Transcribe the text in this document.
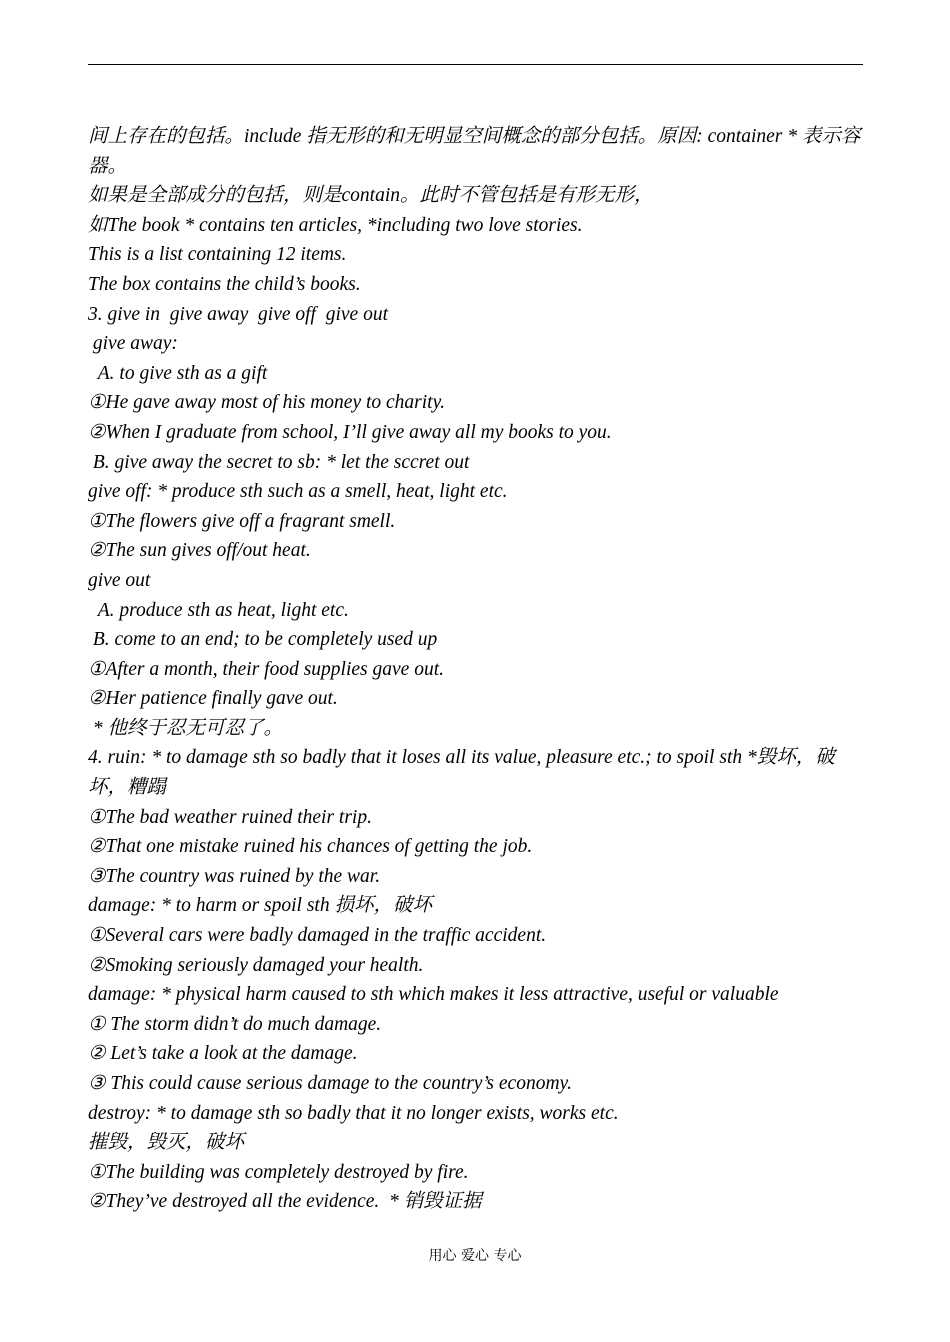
间上存在的包括。include 指无形的和无明显空间概念的部分包括。原因: container * 表示容器。
如果是全部成分的包括，则是contain。此时不管包括是有形无形，
如The book * contains ten articles, *including two love stories.
This is a list containing 12 items.
The box contains the child’s books.
3. give in  give away  give off  give out
give away:
A. to give sth as a gift
①He gave away most of his money to charity.
②When I graduate from school, I’ll give away all my books to you.
B. give away the secret to sb: * let the sccret out
give off: * produce sth such as a smell, heat, light etc.
①The flowers give off a fragrant smell.
②The sun gives off/out heat.
give out
A. produce sth as heat, light etc.
B. come to an end; to be completely used up
①After a month, their food supplies gave out.
②Her patience finally gave out.
* 他终于忍无可忍了。
4. ruin: * to damage sth so badly that it loses all its value, pleasure etc.; to spoil sth *毁坏，破坏，糟蹋
①The bad weather ruined their trip.
②That one mistake ruined his chances of getting the job.
③The country was ruined by the war.
damage: * to harm or spoil sth 损坏，破坏
①Several cars were badly damaged in the traffic accident.
②Smoking seriously damaged your health.
damage: * physical harm caused to sth which makes it less attractive, useful or valuable
① The storm didn’t do much damage.
② Let’s take a look at the damage.
③ This could cause serious damage to the country’s economy.
destroy: * to damage sth so badly that it no longer exists, works etc.
摧毁，毁灭，破坏
①The building was completely destroyed by fire.
②They’ve destroyed all the evidence.  * 销毁证据
用心 爱心 专心
